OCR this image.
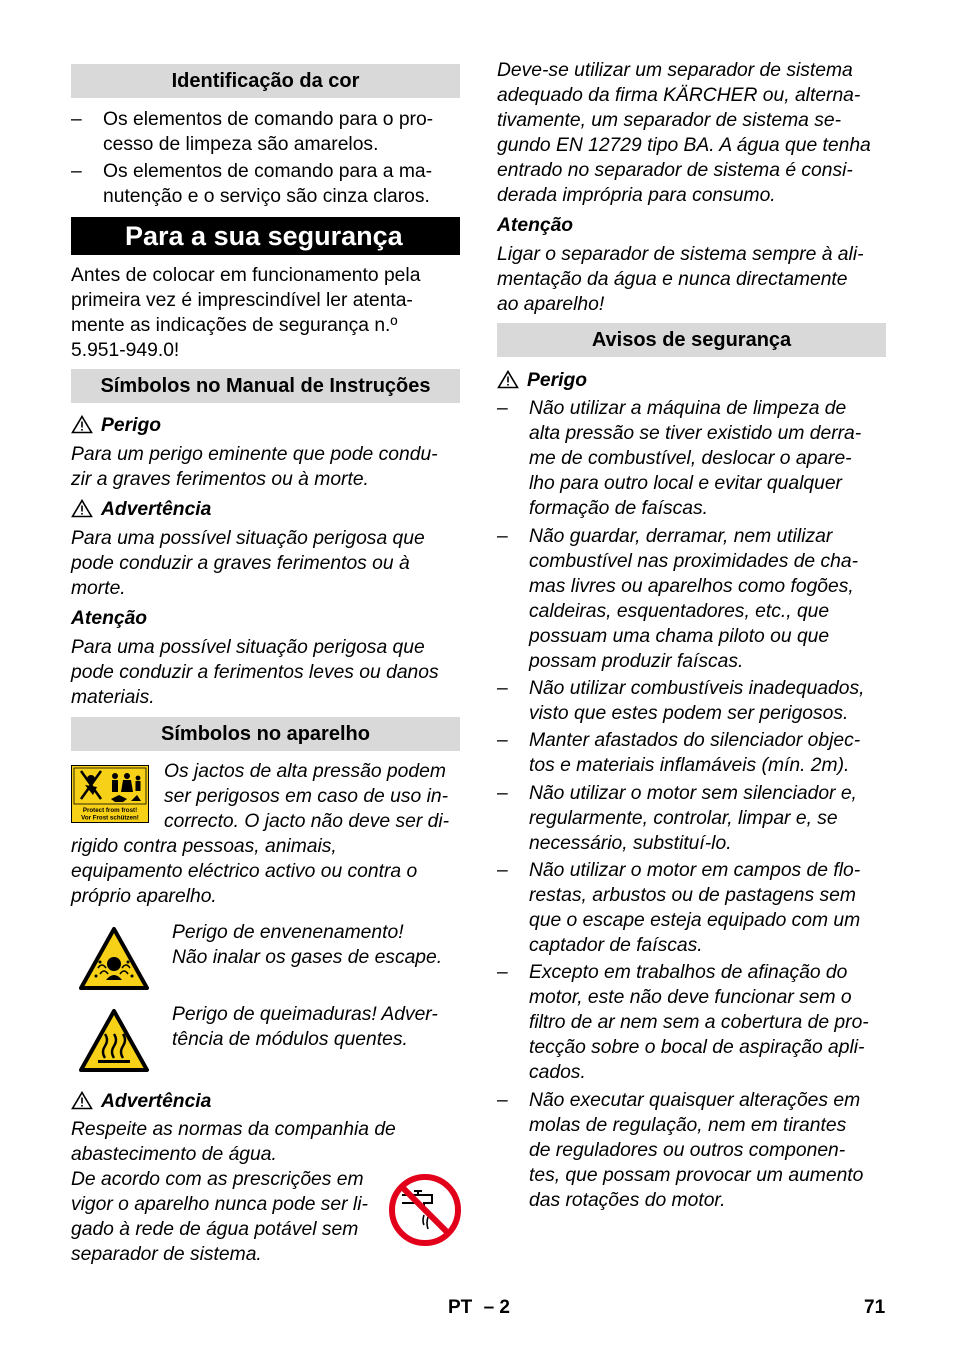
Identificação da cor
– Os elementos de comando para o pro-
cesso de limpeza são amarelos.
– Os elementos de comando para a ma-
nutenção e o serviço são cinza claros.
Para a sua segurança

Antes de colocar em funcionamento pela
primeira vez é imprescindível ler atenta-
mente as indicações de segurança n.º
5.951-949.0!

Símbolos no Manual de Instruções

Perigo

Para um perigo eminente que pode condu-
zir a graves ferimentos ou à morte.

Advertência

Para uma possível situação perigosa que
pode conduzir a graves ferimentos ou à
morte.

Atenção

Para uma possível situação perigosa que
pode conduzir a ferimentos leves ou danos
materiais.

Símbolos no aparelho
Protect from frost!
Vor Frost schützen!

Os jactos de alta pressão podem
ser perigosos em caso de uso in-
correcto. O jacto não deve ser di-

rigido contra pessoas, animais,
equipamento eléctrico activo ou contra o
próprio aparelho.

Perigo de envenenamento!
Não inalar os gases de escape.

Perigo de queimaduras! Adver-
tência de módulos quentes.

Advertência

Respeite as normas da companhia de
abastecimento de água.

De acordo com as prescrições em
vigor o aparelho nunca pode ser li-
gado à rede de água potável sem
separador de sistema.

Deve-se utilizar um separador de sistema
adequado da firma KÄRCHER ou, alterna-
tivamente, um separador de sistema se-
gundo EN 12729 tipo BA. A água que tenha
entrado no separador de sistema é consi-
derada imprópria para consumo.

Atenção

Ligar o separador de sistema sempre à ali-
mentação da água e nunca directamente
ao aparelho!

Avisos de segurança

Perigo

– Não utilizar a máquina de limpeza de
alta pressão se tiver existido um derra-
me de combustível, deslocar o apare-
lho para outro local e evitar qualquer
formação de faíscas.
– Não guardar, derramar, nem utilizar
combustível nas proximidades de cha-
mas livres ou aparelhos como fogões,
caldeiras, esquentadores, etc., que
possuam uma chama piloto ou que
possam produzir faíscas.
– Não utilizar combustíveis inadequados,
visto que estes podem ser perigosos.
– Manter afastados do silenciador objec-
tos e materiais inflamáveis (mín. 2m).
– Não utilizar o motor sem silenciador e,
regularmente, controlar, limpar e, se
necessário, substituí-lo.
– Não utilizar o motor em campos de flo-
restas, arbustos ou de pastagens sem
que o escape esteja equipado com um
captador de faíscas.
– Excepto em trabalhos de afinação do
motor, este não deve funcionar sem o
filtro de ar nem sem a cobertura de pro-
tecção sobre o bocal de aspiração apli-
cados.
– Não executar quaisquer alterações em
molas de regulação, nem em tirantes
de reguladores ou outros componen-
tes, que possam provocar um aumento
das rotações do motor.
PT – 2	71
